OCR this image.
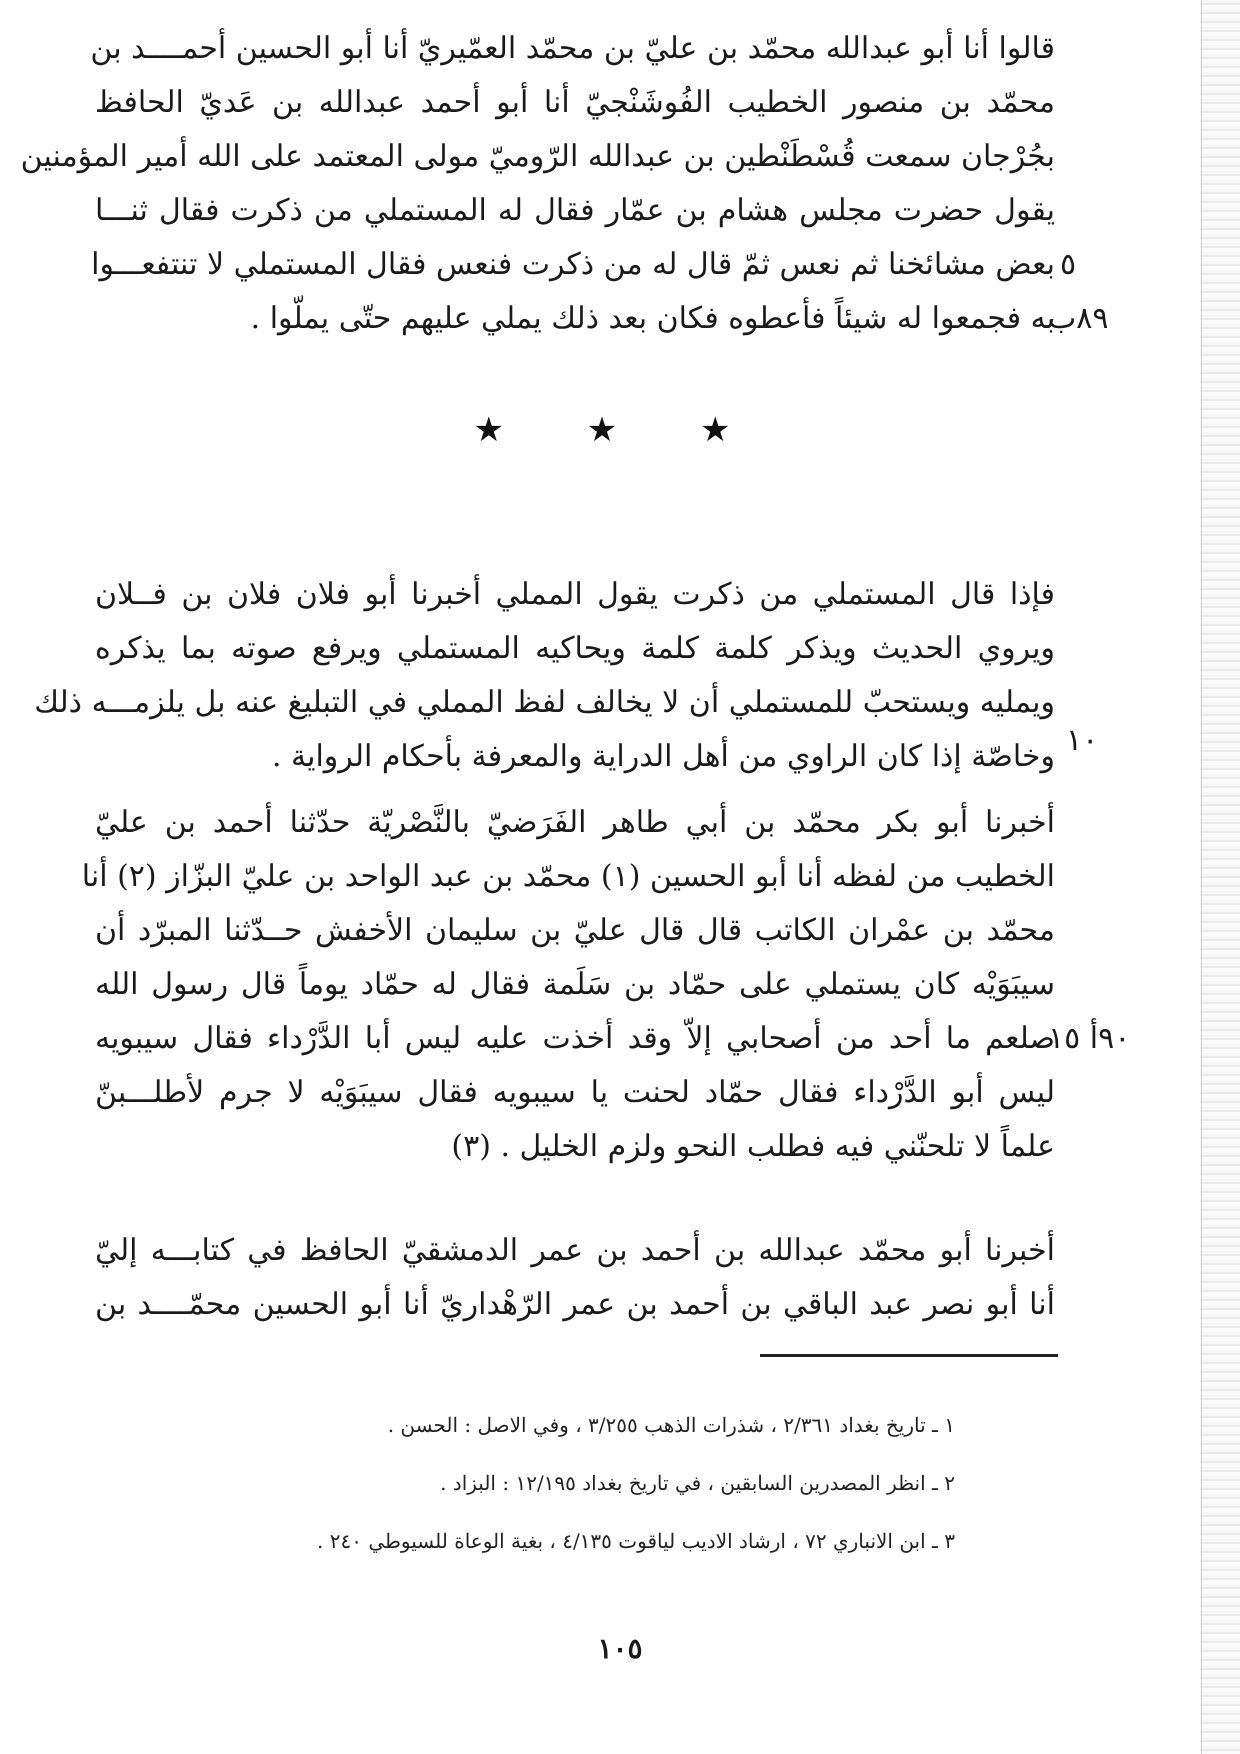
قالوا أنا أبو عبدالله محمّد بن عليّ بن محمّد العمّيريّ أنا أبو الحسين أحمــــد بن
محمّد بن منصور الخطيب الفُوشَنْجيّ أنا أبو أحمد عبدالله بن عَديّ الحافظ
بجُرْجان سمعت قُسْطَنْطين بن عبدالله الرّوميّ مولى المعتمد على الله أمير المؤمنين
يقول حضرت مجلس هشام بن عمّار فقال له المستملي من ذكرت فقال ثنـــا
بعض مشائخنا ثم نعس ثمّ قال له من ذكرت فنعس فقال المستملي لا تنتفعـــوا
به فجمعوا له شيئاً فأعطوه فكان بعد ذلك يملي عليهم حتّى يملّوا .
٥
٨٩ب
★ ★ ★
فإذا قال المستملي من ذكرت يقول المملي أخبرنا أبو فلان فلان بن فــلان
ويروي الحديث ويذكر كلمة كلمة ويحاكيه المستملي ويرفع صوته بما يذكره
ويمليه ويستحبّ للمستملي أن لا يخالف لفظ المملي في التبليغ عنه بل يلزمـــه ذلك
وخاصّة إذا كان الراوي من أهل الدراية والمعرفة بأحكام الرواية . ١٠
أخبرنا أبو بكر محمّد بن أبي طاهر الفَرَضيّ بالنَّصْريّة حدّثنا أحمد بن عليّ
الخطيب من لفظه أنا أبو الحسين (١) محمّد بن عبد الواحد بن عليّ البزّاز (٢) أنا
محمّد بن عمْران الكاتب قال قال عليّ بن سليمان الأخفش حــدّثنا المبرّد أن
سيبَوَيْه كان يستملي على حمّاد بن سَلَمة فقال له حمّاد يوماً قال رسول الله
صلعم ما أحد من أصحابي إلاّ وقد أخذت عليه ليس أبا الدَّرْداء فقال سيبويه
ليس أبو الدَّرْداء فقال حمّاد لحنت يا سيبويه فقال سيبَوَيْه لا جرم لأطلـــبنّ
علماً لا تلحنّني فيه فطلب النحو ولزم الخليل . (٣)
٩٠أ ١٥
أخبرنا أبو محمّد عبدالله بن أحمد بن عمر الدمشقيّ الحافظ في كتابـــه إليّ
أنا أبو نصر عبد الباقي بن أحمد بن عمر الرّهْداريّ أنا أبو الحسين محمّــــد بن
١ ـ تاريخ بغداد ٢/٣٦١ ، شذرات الذهب ٣/٢٥٥ ، وفي الاصل : الحسن .
٢ ـ انظر المصدرين السابقين ، في تاريخ بغداد ١٢/١٩٥ : البزاد .
٣ ـ ابن الانباري ٧٢ ، ارشاد الاديب لياقوت ٤/١٣٥ ، بغية الوعاة للسيوطي ٢٤٠ .
١٠٥
